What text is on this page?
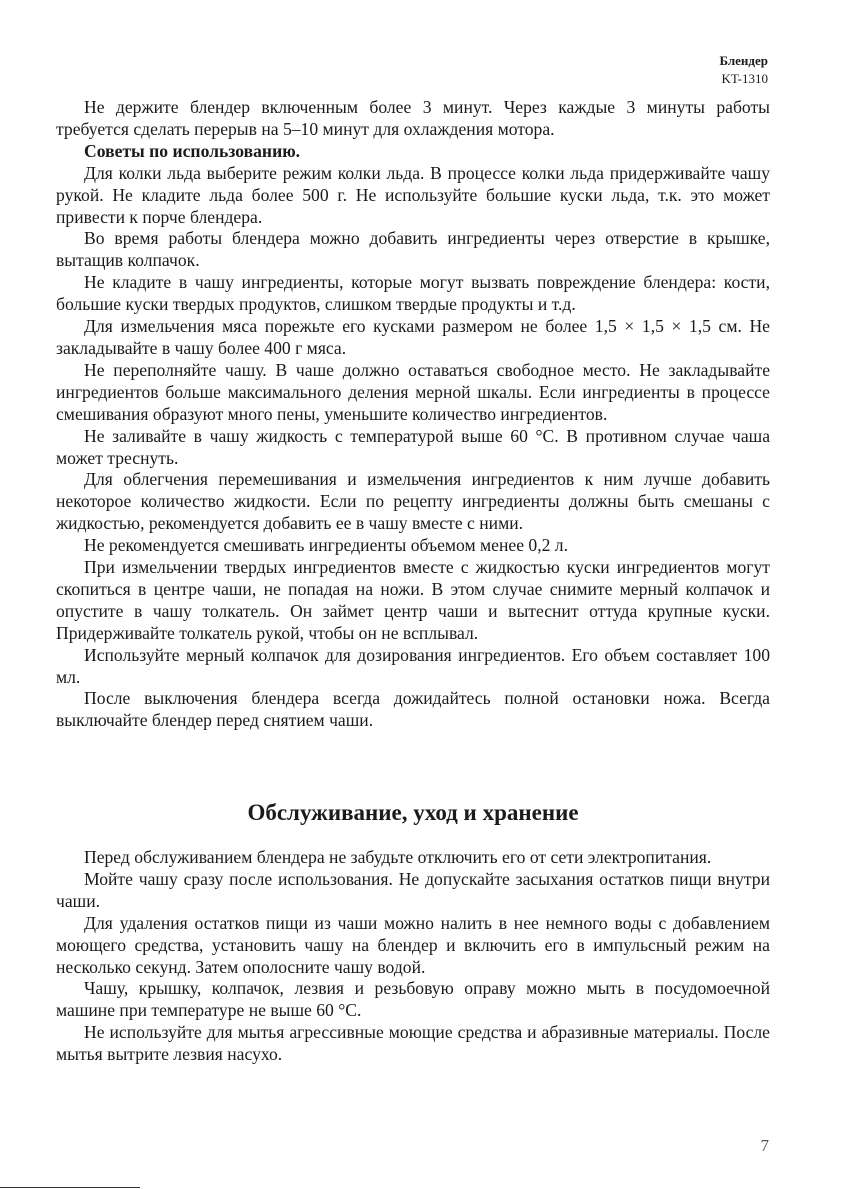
Блендер
KT-1310

Не держите блендер включенным более 3 минут. Через каждые 3 минуты работы требуется сделать перерыв на 5–10 минут для охлаждения мотора.

Советы по использованию.

Для колки льда выберите режим колки льда. В процессе колки льда придерживайте чашу рукой. Не кладите льда более 500 г. Не используйте большие куски льда, т.к. это может привести к порче блендера.

Во время работы блендера можно добавить ингредиенты через отверстие в крышке, вытащив колпачок.

Не кладите в чашу ингредиенты, которые могут вызвать повреждение блендера: кости, большие куски твердых продуктов, слишком твердые продукты и т.д.

Для измельчения мяса порежьте его кусками размером не более 1,5 × 1,5 × 1,5 см. Не закладывайте в чашу более 400 г мяса.

Не переполняйте чашу. В чаше должно оставаться свободное место. Не закладывайте ингредиентов больше максимального деления мерной шкалы. Если ингредиенты в процессе смешивания образуют много пены, уменьшите количество ингредиентов.

Не заливайте в чашу жидкость с температурой выше 60 °С. В противном случае чаша может треснуть.

Для облегчения перемешивания и измельчения ингредиентов к ним лучше добавить некоторое количество жидкости. Если по рецепту ингредиенты должны быть смешаны с жидкостью, рекомендуется добавить ее в чашу вместе с ними.

Не рекомендуется смешивать ингредиенты объемом менее 0,2 л.

При измельчении твердых ингредиентов вместе с жидкостью куски ингредиентов могут скопиться в центре чаши, не попадая на ножи. В этом случае снимите мерный колпачок и опустите в чашу толкатель. Он займет центр чаши и вытеснит оттуда крупные куски. Придерживайте толкатель рукой, чтобы он не всплывал.

Используйте мерный колпачок для дозирования ингредиентов. Его объем составляет 100 мл.

После выключения блендера всегда дожидайтесь полной остановки ножа. Всегда выключайте блендер перед снятием чаши.

Обслуживание, уход и хранение

Перед обслуживанием блендера не забудьте отключить его от сети электропитания.

Мойте чашу сразу после использования. Не допускайте засыхания остатков пищи внутри чаши.

Для удаления остатков пищи из чаши можно налить в нее немного воды с добавлением моющего средства, установить чашу на блендер и включить его в импульсный режим на несколько секунд. Затем ополосните чашу водой.

Чашу, крышку, колпачок, лезвия и резьбовую оправу можно мыть в посудомоечной машине при температуре не выше 60 °С.

Не используйте для мытья агрессивные моющие средства и абразивные материалы. После мытья вытрите лезвия насухо.

7
